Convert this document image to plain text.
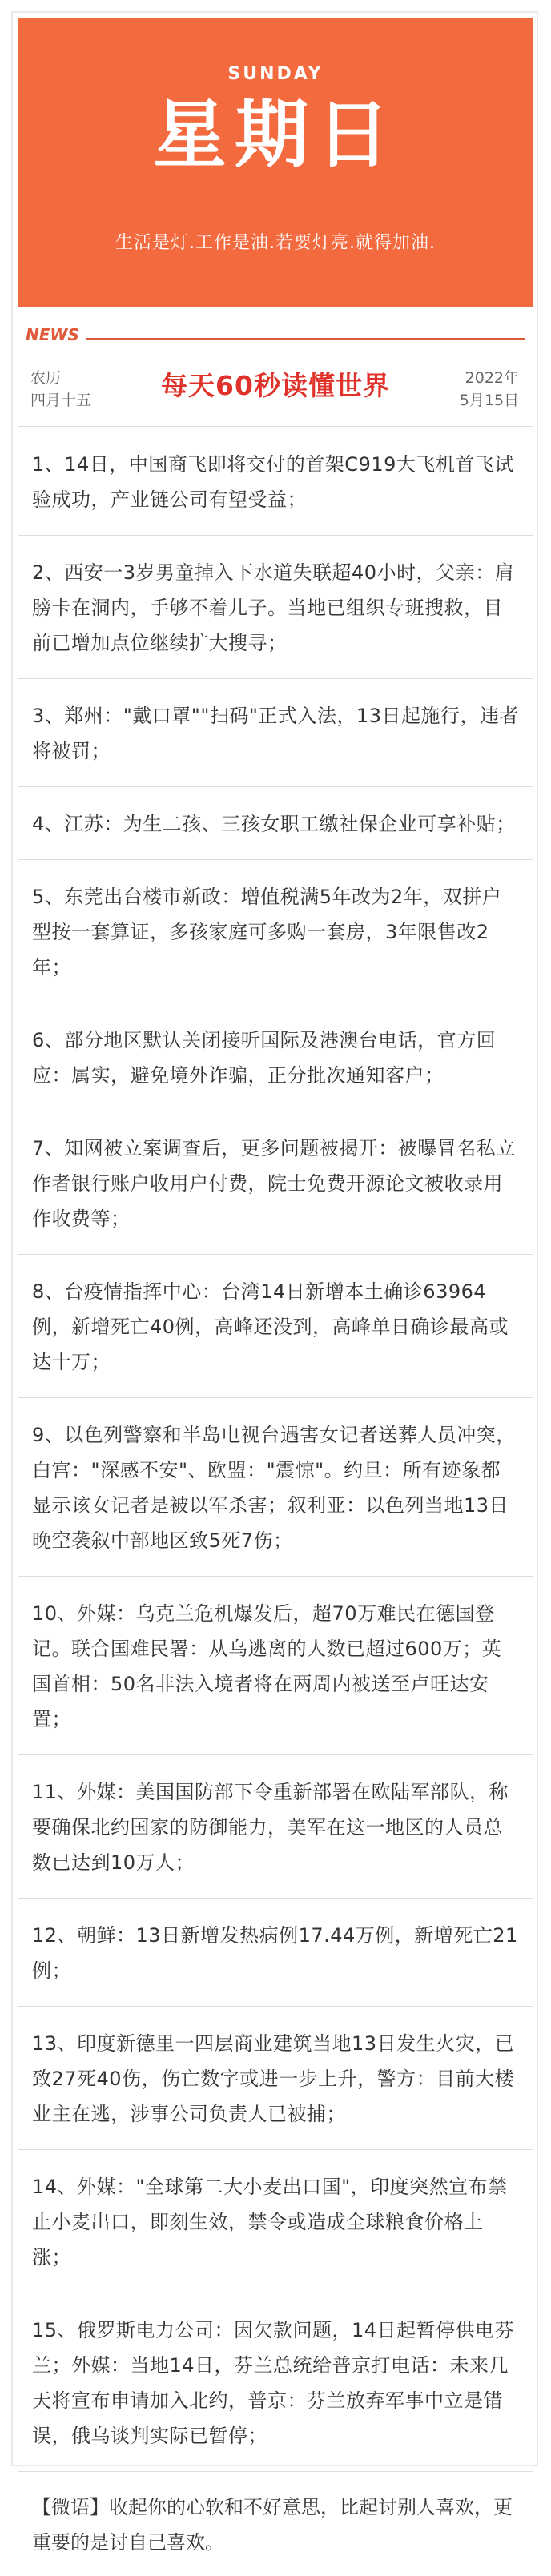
SUNDAY
星期日
生活是灯.工作是油.若要灯亮.就得加油.
NEWS
农历
四月十五	每天60秒读懂世界	2022年
5月15日
1、14日，中国商飞即将交付的首架C919大飞机首飞试验成功，产业链公司有望受益；
2、西安一3岁男童掉入下水道失联超40小时，父亲：肩膀卡在洞内，手够不着儿子。当地已组织专班搜救，目前已增加点位继续扩大搜寻；
3、郑州："戴口罩""扫码"正式入法，13日起施行，违者将被罚；
4、江苏：为生二孩、三孩女职工缴社保企业可享补贴；
5、东莞出台楼市新政：增值税满5年改为2年，双拼户型按一套算证，多孩家庭可多购一套房，3年限售改2年；
6、部分地区默认关闭接听国际及港澳台电话，官方回应：属实，避免境外诈骗，正分批次通知客户；
7、知网被立案调查后，更多问题被揭开：被曝冒名私立作者银行账户收用户付费，院士免费开源论文被收录用作收费等；
8、台疫情指挥中心：台湾14日新增本土确诊63964例，新增死亡40例，高峰还没到，高峰单日确诊最高或达十万；
9、以色列警察和半岛电视台遇害女记者送葬人员冲突，白宫："深感不安"、欧盟："震惊"。约旦：所有迹象都显示该女记者是被以军杀害；叙利亚：以色列当地13日晚空袭叙中部地区致5死7伤；
10、外媒：乌克兰危机爆发后，超70万难民在德国登记。联合国难民署：从乌逃离的人数已超过600万；英国首相：50名非法入境者将在两周内被送至卢旺达安置；
11、外媒：美国国防部下令重新部署在欧陆军部队，称要确保北约国家的防御能力，美军在这一地区的人员总数已达到10万人；
12、朝鲜：13日新增发热病例17.44万例，新增死亡21例；
13、印度新德里一四层商业建筑当地13日发生火灾，已致27死40伤，伤亡数字或进一步上升，警方：目前大楼业主在逃，涉事公司负责人已被捕；
14、外媒："全球第二大小麦出口国"，印度突然宣布禁止小麦出口，即刻生效，禁令或造成全球粮食价格上涨；
15、俄罗斯电力公司：因欠款问题，14日起暂停供电芬兰；外媒：当地14日，芬兰总统给普京打电话：未来几天将宣布申请加入北约，普京：芬兰放弃军事中立是错误，俄乌谈判实际已暂停；
【微语】收起你的心软和不好意思，比起讨别人喜欢，更重要的是讨自己喜欢。
